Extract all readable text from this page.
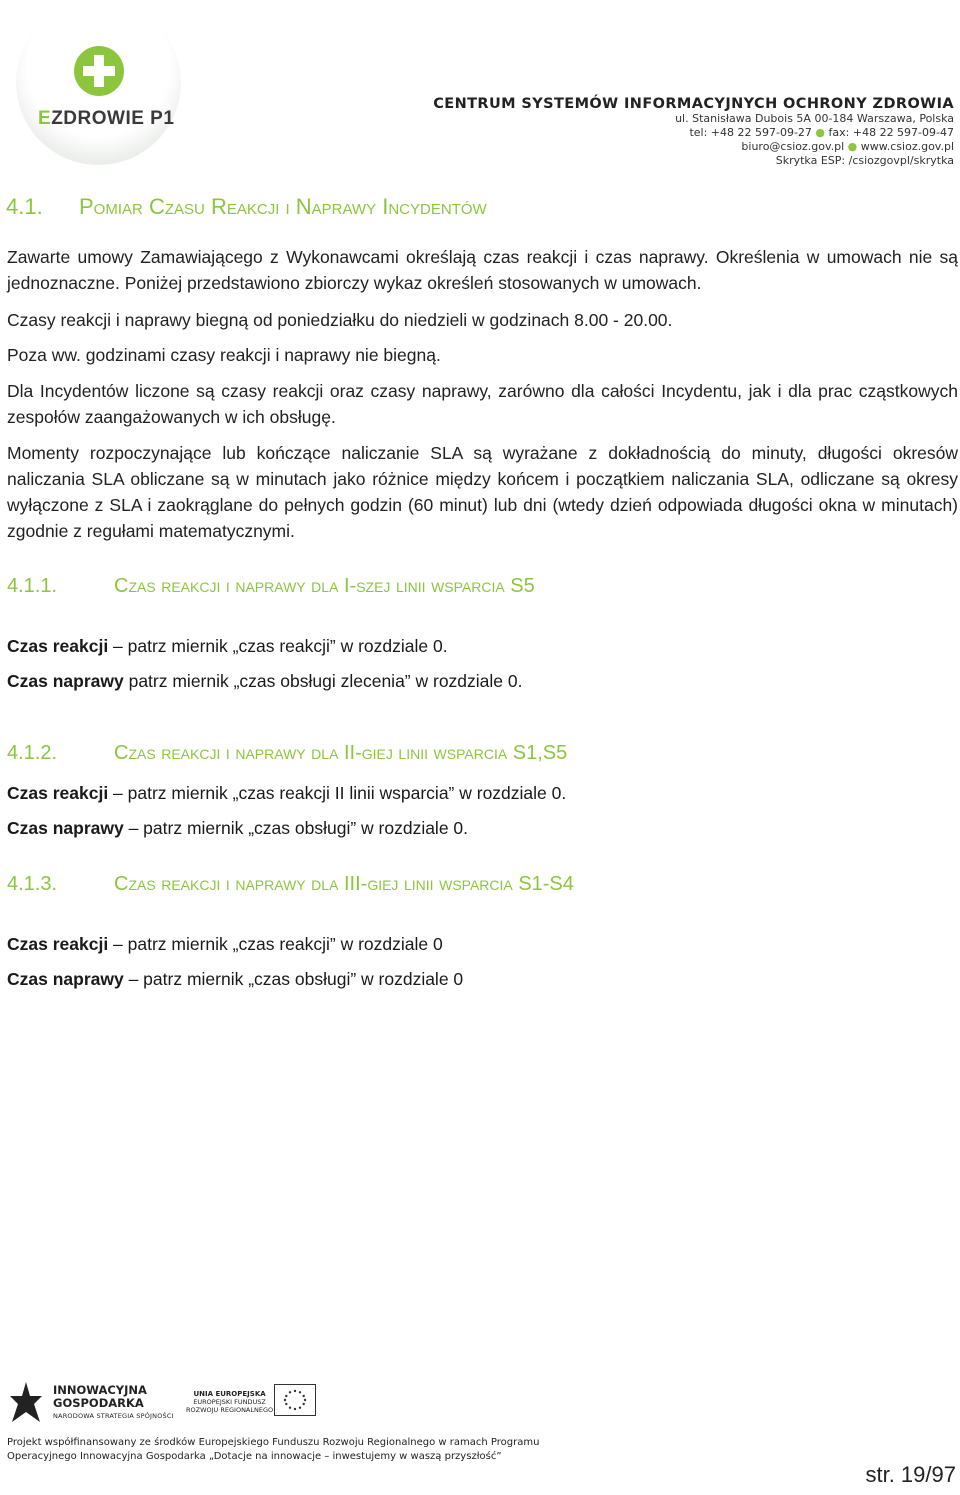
EZDROWIE P1
CENTRUM SYSTEMÓW INFORMACYJNYCH OCHRONY ZDROWIA
ul. Stanisława Dubois 5A 00-184 Warszawa, Polska
tel: +48 22 597-09-27 ● fax: +48 22 597-09-47
biuro@csioz.gov.pl ● www.csioz.gov.pl
Skrytka ESP: /csiozgovpl/skrytka
4.1. Pomiar Czasu Reakcji i Naprawy Incydentów
Zawarte umowy Zamawiającego z Wykonawcami określają czas reakcji i czas naprawy. Określenia w umowach nie są jednoznaczne. Poniżej przedstawiono zbiorczy wykaz określeń stosowanych w umowach.
Czasy reakcji i naprawy biegną od poniedziałku do niedzieli w godzinach 8.00 - 20.00.
Poza ww. godzinami czasy reakcji i naprawy nie biegną.
Dla Incydentów liczone są czasy reakcji oraz czasy naprawy, zarówno dla całości Incydentu, jak i dla prac cząstkowych zespołów zaangażowanych w ich obsługę.
Momenty rozpoczynające lub kończące naliczanie SLA są wyrażane z dokładnością do minuty, długości okresów naliczania SLA obliczane są w minutach jako różnice między końcem i początkiem naliczania SLA, odliczane są okresy wyłączone z SLA i zaokrąglane do pełnych godzin (60 minut) lub dni (wtedy dzień odpowiada długości okna w minutach) zgodnie z regułami matematycznymi.
4.1.1.	Czas reakcji i naprawy dla I-szej linii wsparcia S5
Czas reakcji – patrz miernik „czas reakcji” w rozdziale 0.
Czas naprawy patrz miernik „czas obsługi zlecenia” w rozdziale 0.
4.1.2.	Czas reakcji i naprawy dla II-giej linii wsparcia S1,S5
Czas reakcji – patrz miernik „czas reakcji II linii wsparcia” w rozdziale 0.
Czas naprawy – patrz miernik „czas obsługi” w rozdziale 0.
4.1.3.	Czas reakcji i naprawy dla III-giej linii wsparcia S1-S4
Czas reakcji – patrz miernik „czas reakcji” w rozdziale 0
Czas naprawy – patrz miernik „czas obsługi” w rozdziale 0
INNOWACYJNA
GOSPODARKA
NARODOWA STRATEGIA SPÓJNOŚCI
UNIA EUROPEJSKA
EUROPEJSKI FUNDUSZ
ROZWOJU REGIONALNEGO
Projekt współfinansowany ze środków Europejskiego Funduszu Rozwoju Regionalnego w ramach Programu
Operacyjnego Innowacyjna Gospodarka „Dotacje na innowacje – inwestujemy w waszą przyszłość”
str. 19/97
